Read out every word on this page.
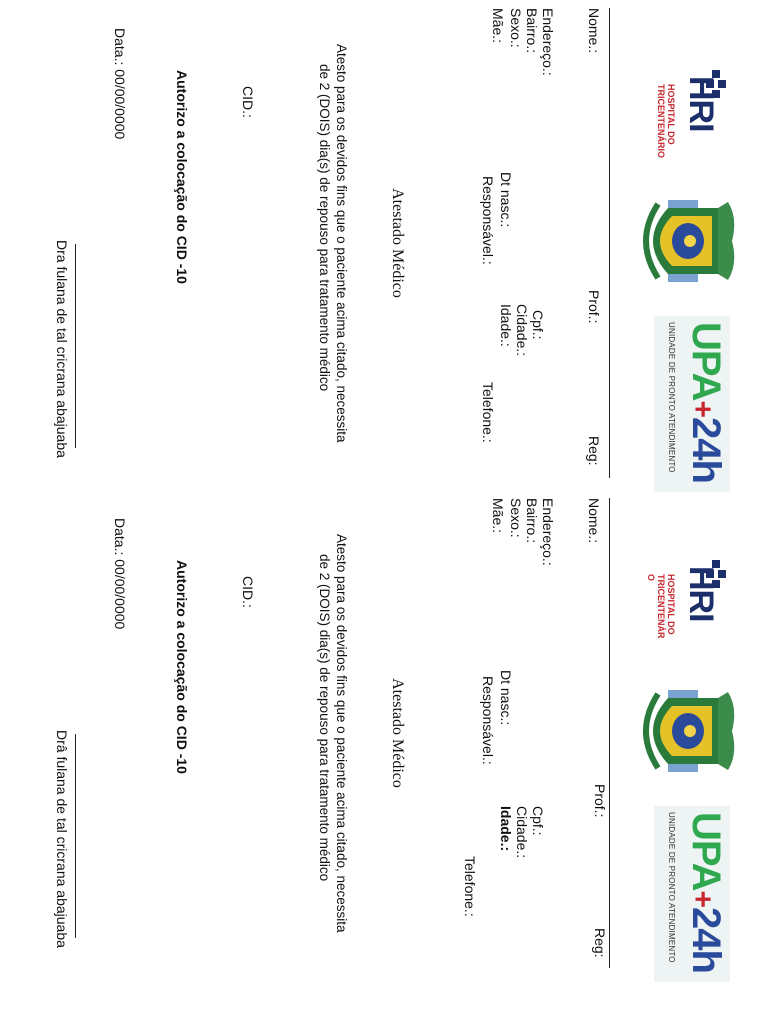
HRI
HOSPITAL DO
TRICENTENÁRIO
UPA+24h
UNIDADE DE PRONTO ATENDIMENTO
Nome.:
Prof.:
Reg:
Endereço.:
Cpf.:
Bairro.:
Cidade.:
Sexo.:
Dt nasc.:
Idade.:
Mãe.:
Responsável.:
Telefone.:
Atestado Médico
Atesto para os devidos fins que o paciente acima citado, necessita
de 2 (DOIS) dia(s) de repouso para tratamento médico
CID.:
Autorizo a colocação do CID -10
Data.: 00/00/0000
Dra fulana de tal cricrana abajuaba
HRI
HOSPITAL DO
TRICENTENÁR O
UPA+24h
UNIDADE DE PRONTO ATENDIMENTO
Nome.:
Prof.:
Reg:
Endereço.:
Cpf.:
Bairro.:
Cidade.:
Sexo.:
Dt nasc.:
Idade.:
Mãe.:
Responsável.:
Telefone.:
Atestado Médico
Atesto para os devidos fins que o paciente acima citado, necessita
de 2 (DOIS) dia(s) de repouso para tratamento médico
CID.:
Autorizo a colocação do CID -10
Data.: 00/00/0000
Drâ fulana de tal cricrana abajuaba
